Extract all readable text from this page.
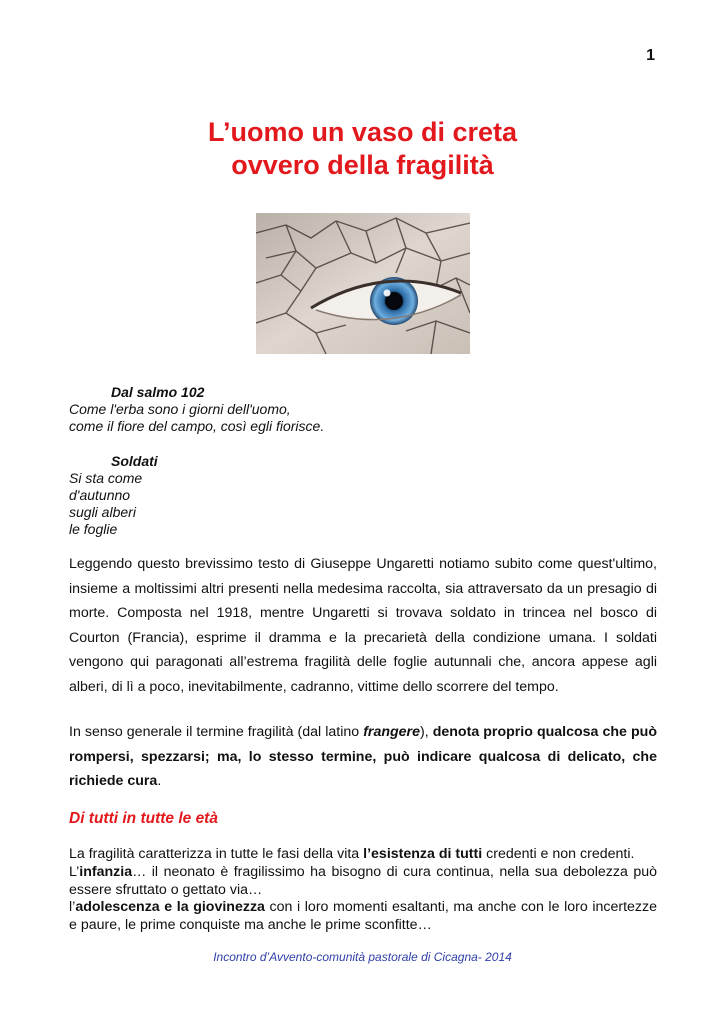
1
L’uomo un vaso di creta
ovvero della fragilità
Dal salmo 102
Come l'erba sono i giorni dell'uomo,
come il fiore del campo, così egli fiorisce.
Soldati
Si sta come
d'autunno
sugli alberi
le foglie

Leggendo questo brevissimo testo di Giuseppe Ungaretti notiamo subito come quest'ultimo, insieme a moltissimi altri presenti nella medesima raccolta, sia attraversato da un presagio di morte. Composta nel 1918, mentre Ungaretti si trovava soldato in trincea nel bosco di Courton (Francia), esprime il dramma e la precarietà della condizione umana. I soldati vengono qui paragonati all’estrema fragilità delle foglie autunnali che, ancora appese agli alberi, di lì a poco, inevitabilmente, cadranno, vittime dello scorrere del tempo.

In senso generale il termine fragilità (dal latino frangere), denota proprio qualcosa che può rompersi, spezzarsi; ma, lo stesso termine, può indicare qualcosa di delicato, che richiede cura.

Di tutti in tutte le età

La fragilità caratterizza in tutte le fasi della vita l’esistenza di tutti credenti e non credenti.
L’infanzia… il neonato è fragilissimo ha bisogno di cura continua, nella sua debolezza può essere sfruttato o gettato via…
l’adolescenza e la giovinezza con i loro momenti esaltanti, ma anche con le loro incertezze e paure, le prime conquiste ma anche le prime sconfitte…

Incontro d’Avvento-comunità pastorale di Cicagna- 2014
